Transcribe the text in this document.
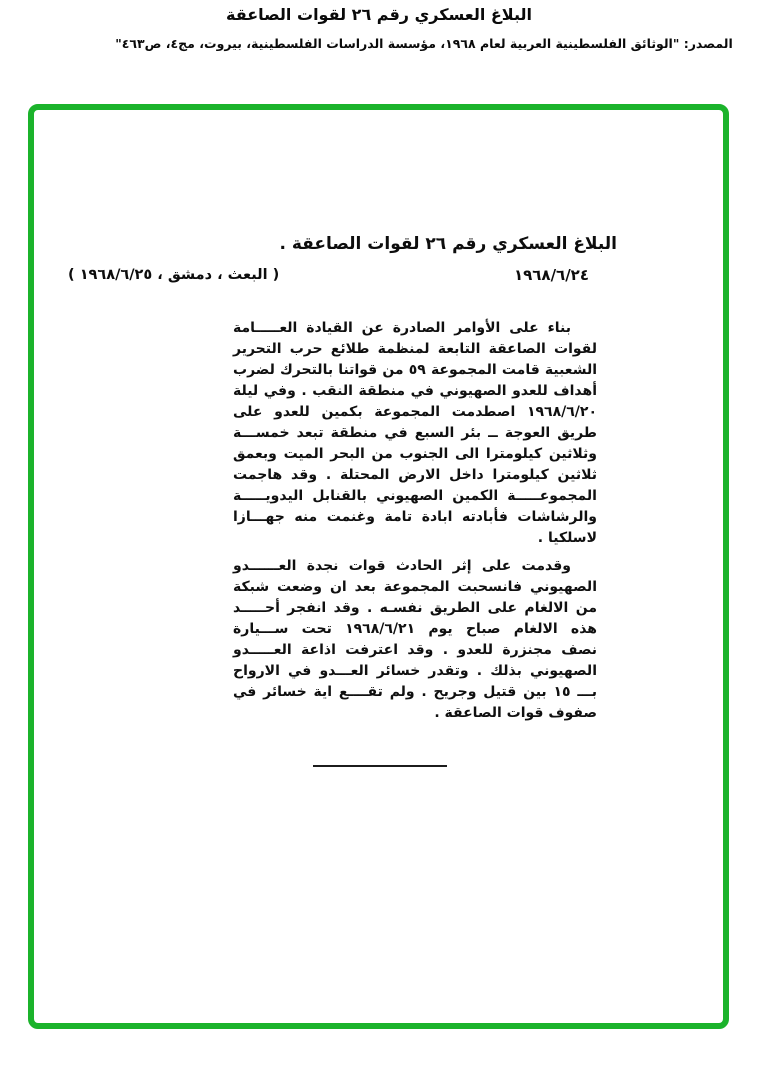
البلاغ العسكري رقم ٢٦ لقوات الصاعقة
المصدر: "الوثائق الفلسطينية العربية لعام ١٩٦٨، مؤسسة الدراسات الفلسطينية، بيروت، مج٤، ص٤٦٣"
البلاغ العسكري رقم ٢٦ لقوات الصاعقة .
١٩٦٨/٦/٢٤
( البعث ، دمشق ، ١٩٦٨/٦/٢٥ )
بناء على الأوامر الصادرة عن القيادة العـــــامة
لقوات الصاعقة التابعة لمنظمة طلائع حرب التحرير
الشعبية قامت المجموعة ٥٩ من قواتنا بالتحرك لضرب
أهداف للعدو الصهيوني في منطقة النقب . وفي ليلة
١٩٦٨/٦/٢٠ اصطدمت المجموعة بكمين للعدو على
طريق العوجة ــ بئر السبع في منطقة تبعد خمســـة
وثلاثين كيلومترا الى الجنوب من البحر الميت وبعمق
ثلاثين كيلومترا داخل الارض المحتلة . وقد هاجمت
المجموعـــــة الكمين الصهيوني بالقنابل اليدويـــــة
والرشاشات فأبادته ابادة تامة وغنمت منه جهـــازا
لاسلكيا .
وقدمت على إثر الحادث قوات نجدة العــــــدو
الصهيوني فانسحبت المجموعة بعد ان وضعت شبكة
من الالغام على الطريق نفسـه . وقد انفجر أحـــــد
هذه الالغام صباح يوم ١٩٦٨/٦/٢١ تحت ســـيارة
نصف مجنزرة للعدو . وقد اعترفت اذاعة العـــــدو
الصهيوني بذلك . وتقدر خسائر العـــدو في الارواح
بـــ ١٥ بين قتيل وجريح . ولم تقــــع اية خسائر في
صفوف قوات الصاعقة .
